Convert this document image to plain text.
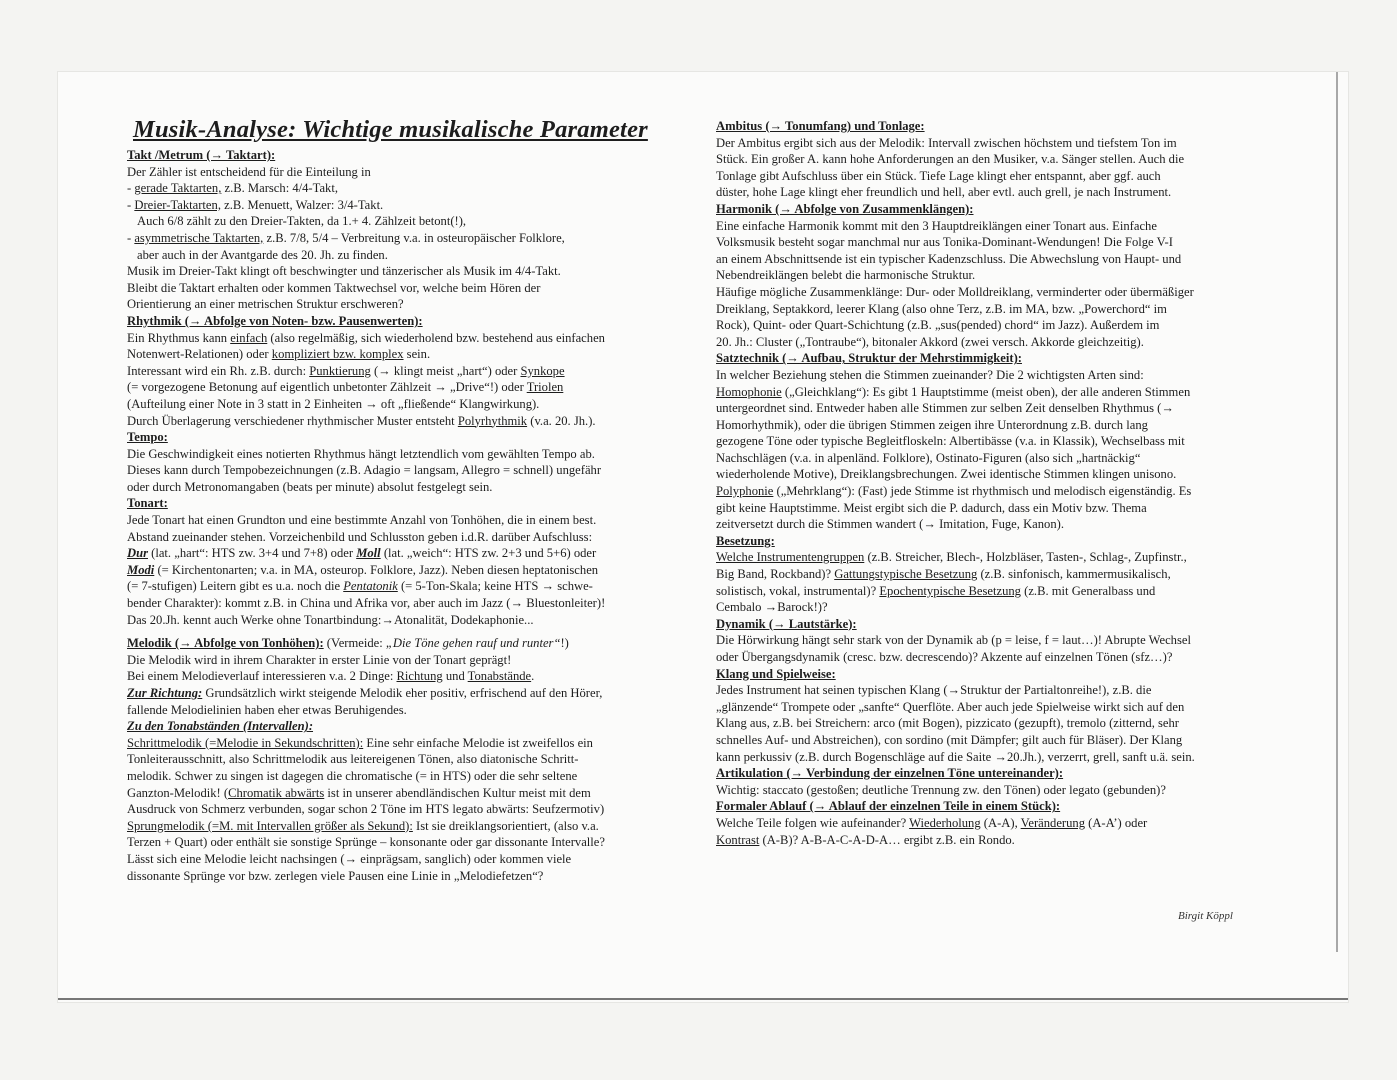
Musik-Analyse: Wichtige musikalische Parameter
Takt /Metrum (→ Taktart):
Der Zähler ist entscheidend für die Einteilung in
- gerade Taktarten, z.B. Marsch: 4/4-Takt,
- Dreier-Taktarten, z.B. Menuett, Walzer: 3/4-Takt.
Auch 6/8 zählt zu den Dreier-Takten, da 1.+ 4. Zählzeit betont(!),
- asymmetrische Taktarten, z.B. 7/8, 5/4 – Verbreitung v.a. in osteuropäischer Folklore,
aber auch in der Avantgarde des 20. Jh. zu finden.
Musik im Dreier-Takt klingt oft beschwingter und tänzerischer als Musik im 4/4-Takt.
Bleibt die Taktart erhalten oder kommen Taktwechsel vor, welche beim Hören der
Orientierung an einer metrischen Struktur erschweren?
Rhythmik (→ Abfolge von Noten- bzw. Pausenwerten):
Ein Rhythmus kann einfach (also regelmäßig, sich wiederholend bzw. bestehend aus einfachen
Notenwert-Relationen) oder kompliziert bzw. komplex sein.
Interessant wird ein Rh. z.B. durch: Punktierung (→ klingt meist „hart“) oder Synkope
(= vorgezogene Betonung auf eigentlich unbetonter Zählzeit → „Drive“!) oder Triolen
(Aufteilung einer Note in 3 statt in 2 Einheiten → oft „fließende“ Klangwirkung).
Durch Überlagerung verschiedener rhythmischer Muster entsteht Polyrhythmik (v.a. 20. Jh.).
Tempo:
Die Geschwindigkeit eines notierten Rhythmus hängt letztendlich vom gewählten Tempo ab.
Dieses kann durch Tempobezeichnungen (z.B. Adagio = langsam, Allegro = schnell) ungefähr
oder durch Metronomangaben (beats per minute) absolut festgelegt sein.
Tonart:
Jede Tonart hat einen Grundton und eine bestimmte Anzahl von Tonhöhen, die in einem best.
Abstand zueinander stehen. Vorzeichenbild und Schlusston geben i.d.R. darüber Aufschluss:
Dur (lat. „hart“: HTS zw. 3+4 und 7+8) oder Moll (lat. „weich“: HTS zw. 2+3 und 5+6) oder
Modi (= Kirchentonarten; v.a. in MA, osteurop. Folklore, Jazz). Neben diesen heptatonischen
(= 7-stufigen) Leitern gibt es u.a. noch die Pentatonik (= 5-Ton-Skala; keine HTS → schwe-
bender Charakter): kommt z.B. in China und Afrika vor, aber auch im Jazz (→ Bluestonleiter)!
Das 20.Jh. kennt auch Werke ohne Tonartbindung:→Atonalität, Dodekaphonie...
Melodik (→ Abfolge von Tonhöhen): (Vermeide: „Die Töne gehen rauf und runter“!)
Die Melodik wird in ihrem Charakter in erster Linie von der Tonart geprägt!
Bei einem Melodieverlauf interessieren v.a. 2 Dinge: Richtung und Tonabstände.
Zur Richtung: Grundsätzlich wirkt steigende Melodik eher positiv, erfrischend auf den Hörer,
fallende Melodielinien haben eher etwas Beruhigendes.
Zu den Tonabständen (Intervallen):
Schrittmelodik (=Melodie in Sekundschritten): Eine sehr einfache Melodie ist zweifellos ein
Tonleiterausschnitt, also Schrittmelodik aus leitereigenen Tönen, also diatonische Schritt-
melodik. Schwer zu singen ist dagegen die chromatische (= in HTS) oder die sehr seltene
Ganzton-Melodik! (Chromatik abwärts ist in unserer abendländischen Kultur meist mit dem
Ausdruck von Schmerz verbunden, sogar schon 2 Töne im HTS legato abwärts: Seufzermotiv)
Sprungmelodik (=M. mit Intervallen größer als Sekund): Ist sie dreiklangsorientiert, (also v.a.
Terzen + Quart) oder enthält sie sonstige Sprünge – konsonante oder gar dissonante Intervalle?
Lässt sich eine Melodie leicht nachsingen (→ einprägsam, sanglich) oder kommen viele
dissonante Sprünge vor bzw. zerlegen viele Pausen eine Linie in „Melodiefetzen“?
Ambitus (→ Tonumfang) und Tonlage:
Der Ambitus ergibt sich aus der Melodik: Intervall zwischen höchstem und tiefstem Ton im
Stück. Ein großer A. kann hohe Anforderungen an den Musiker, v.a. Sänger stellen. Auch die
Tonlage gibt Aufschluss über ein Stück. Tiefe Lage klingt eher entspannt, aber ggf. auch
düster, hohe Lage klingt eher freundlich und hell, aber evtl. auch grell, je nach Instrument.
Harmonik (→ Abfolge von Zusammenklängen):
Eine einfache Harmonik kommt mit den 3 Hauptdreiklängen einer Tonart aus. Einfache
Volksmusik besteht sogar manchmal nur aus Tonika-Dominant-Wendungen! Die Folge V-I
an einem Abschnittsende ist ein typischer Kadenzschluss. Die Abwechslung von Haupt- und
Nebendreiklängen belebt die harmonische Struktur.
Häufige mögliche Zusammenklänge: Dur- oder Molldreiklang, verminderter oder übermäßiger
Dreiklang, Septakkord, leerer Klang (also ohne Terz, z.B. im MA, bzw. „Powerchord“ im
Rock), Quint- oder Quart-Schichtung (z.B. „sus(pended) chord“ im Jazz). Außerdem im
20. Jh.: Cluster („Tontraube“), bitonaler Akkord (zwei versch. Akkorde gleichzeitig).
Satztechnik (→ Aufbau, Struktur der Mehrstimmigkeit):
In welcher Beziehung stehen die Stimmen zueinander? Die 2 wichtigsten Arten sind:
Homophonie („Gleichklang“): Es gibt 1 Hauptstimme (meist oben), der alle anderen Stimmen
untergeordnet sind. Entweder haben alle Stimmen zur selben Zeit denselben Rhythmus (→
Homorhythmik), oder die übrigen Stimmen zeigen ihre Unterordnung z.B. durch lang
gezogene Töne oder typische Begleitfloskeln: Albertibässe (v.a. in Klassik), Wechselbass mit
Nachschlägen (v.a. in alpenländ. Folklore), Ostinato-Figuren (also sich „hartnäckig“
wiederholende Motive), Dreiklangsbrechungen. Zwei identische Stimmen klingen unisono.
Polyphonie („Mehrklang“): (Fast) jede Stimme ist rhythmisch und melodisch eigenständig. Es
gibt keine Hauptstimme. Meist ergibt sich die P. dadurch, dass ein Motiv bzw. Thema
zeitversetzt durch die Stimmen wandert (→ Imitation, Fuge, Kanon).
Besetzung:
Welche Instrumentengruppen (z.B. Streicher, Blech-, Holzbläser, Tasten-, Schlag-, Zupfinstr.,
Big Band, Rockband)? Gattungstypische Besetzung (z.B. sinfonisch, kammermusikalisch,
solistisch, vokal, instrumental)? Epochentypische Besetzung (z.B. mit Generalbass und
Cembalo →Barock!)?
Dynamik (→ Lautstärke):
Die Hörwirkung hängt sehr stark von der Dynamik ab (p = leise, f = laut…)! Abrupte Wechsel
oder Übergangsdynamik (cresc. bzw. decrescendo)? Akzente auf einzelnen Tönen (sfz…)?
Klang und Spielweise:
Jedes Instrument hat seinen typischen Klang (→Struktur der Partialtonreihe!), z.B. die
„glänzende“ Trompete oder „sanfte“ Querflöte. Aber auch jede Spielweise wirkt sich auf den
Klang aus, z.B. bei Streichern: arco (mit Bogen), pizzicato (gezupft), tremolo (zitternd, sehr
schnelles Auf- und Abstreichen), con sordino (mit Dämpfer; gilt auch für Bläser). Der Klang
kann perkussiv (z.B. durch Bogenschläge auf die Saite →20.Jh.), verzerrt, grell, sanft u.ä. sein.
Artikulation (→ Verbindung der einzelnen Töne untereinander):
Wichtig: staccato (gestoßen; deutliche Trennung zw. den Tönen) oder legato (gebunden)?
Formaler Ablauf (→ Ablauf der einzelnen Teile in einem Stück):
Welche Teile folgen wie aufeinander? Wiederholung (A-A), Veränderung (A-A’) oder
Kontrast (A-B)? A-B-A-C-A-D-A… ergibt z.B. ein Rondo.
Birgit Köppl
